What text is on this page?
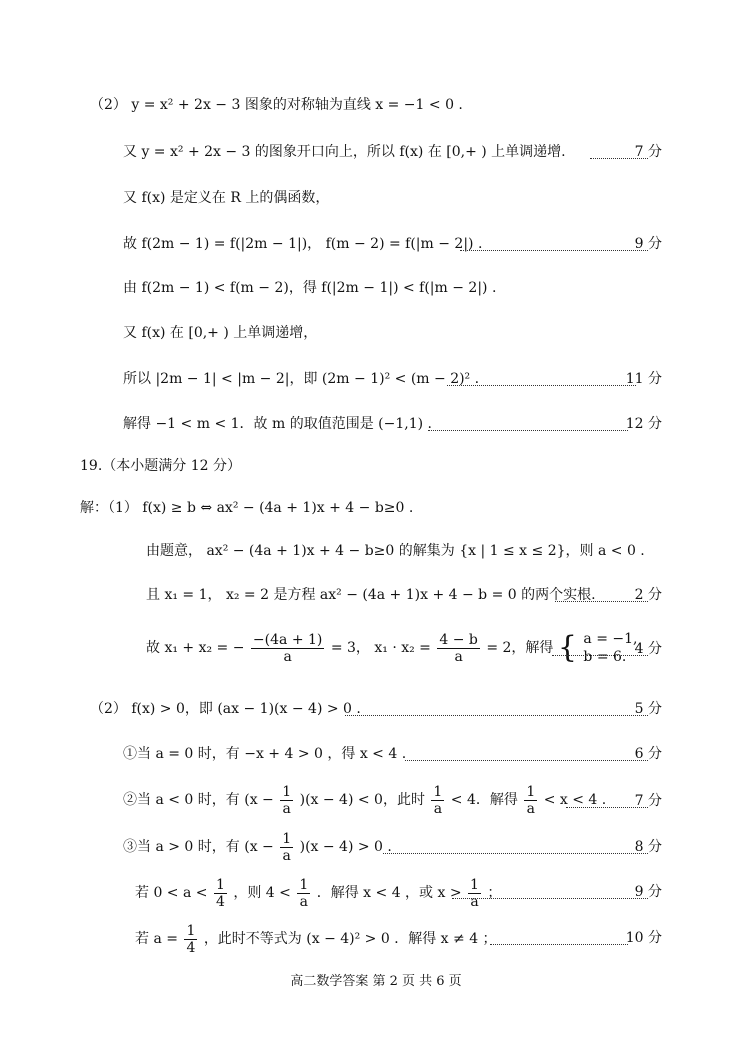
（2） y = x² + 2x − 3 图象的对称轴为直线 x = −1 < 0 .
又 y = x² + 2x − 3 的图象开口向上，所以 f(x) 在 [0,+ ) 上单调递增.
又 f(x) 是定义在 R 上的偶函数，
故 f(2m − 1) = f(|2m − 1|)， f(m − 2) = f(|m − 2|) .
由 f(2m − 1) < f(m − 2)，得 f(|2m − 1|) < f(|m − 2|) .
又 f(x) 在 [0,+ ) 上单调递增，
所以 |2m − 1| < |m − 2|，即 (2m − 1)² < (m − 2)² .
解得 −1 < m < 1．故 m 的取值范围是 (−1,1) .
19.（本小题满分 12 分）
解：（1） f(x) ≥ b ⇔ ax² − (4a + 1)x + 4 − b≥0 .
由题意， ax² − (4a + 1)x + 4 − b≥0 的解集为 {x | 1 ≤ x ≤ 2}，则 a < 0 .
且 x₁ = 1， x₂ = 2 是方程 ax² − (4a + 1)x + 4 − b = 0 的两个实根.
故 x₁ + x₂ = − $\frac{-(4a + 1)}{a} = 3$， $x_1 \cdot x_2 = \frac{4 - b}{a} = 2$，解得 { a = −1,
b = 6.
（2） f(x) > 0，即 (ax − 1)(x − 4) > 0 .
①当 a = 0 时，有 −x + 4 > 0 ，得 x < 4 .
②当 a < 0 时，有 $(x - \frac{1}{a} )(x - 4) < 0$，此时 $\frac{1}{a} < 4$．解得 $\frac{1}{a} < x < 4$ .
③当 a > 0 时，有 $(x - \frac{1}{a} )(x - 4) > 0$ .
若 $0 < a < \frac{1}{4}$ ，则 $4 < \frac{1}{a}$ ．解得 x < 4 ，或 $x > \frac{1}{a}$ ；
若 $a = \frac{1}{4}$ ，此时不等式为 (x − 4)² > 0 ．解得 x ≠ 4 ；
7 分
9 分
11 分
12 分
2 分
4 分
5 分
6 分
7 分
8 分
9 分
10 分
高二数学答案 第 2 页 共 6 页
